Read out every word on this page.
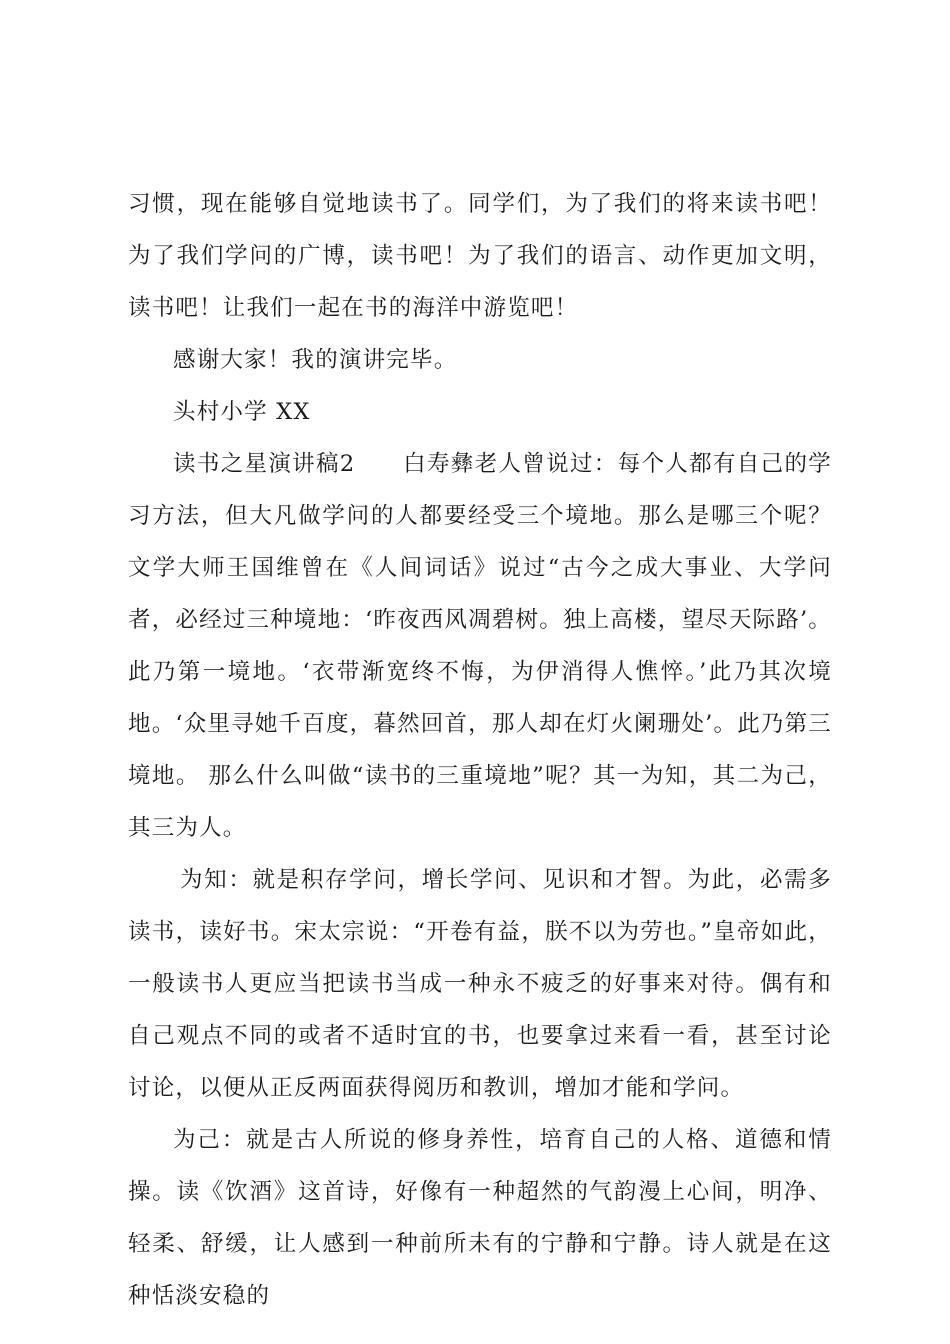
习惯，现在能够自觉地读书了。同学们，为了我们的将来读书吧！为了我们学问的广博，读书吧！为了我们的语言、动作更加文明，读书吧！让我们一起在书的海洋中游览吧！

感谢大家！我的演讲完毕。

头村小学 XX

读书之星演讲稿2　　白寿彝老人曾说过：每个人都有自己的学习方法，但大凡做学问的人都要经受三个境地。那么是哪三个呢？文学大师王国维曾在《人间词话》说过“古今之成大事业、大学问者，必经过三种境地：‘昨夜西风凋碧树。独上高楼，望尽天际路’。此乃第一境地。‘衣带渐宽终不悔，为伊消得人憔悴。’此乃其次境地。‘众里寻她千百度，暮然回首，那人却在灯火阑珊处’。此乃第三境地。 那么什么叫做“读书的三重境地”呢？其一为知，其二为己，其三为人。

为知：就是积存学问，增长学问、见识和才智。为此，必需多读书，读好书。宋太宗说：“开卷有益，朕不以为劳也。”皇帝如此，一般读书人更应当把读书当成一种永不疲乏的好事来对待。偶有和自己观点不同的或者不适时宜的书，也要拿过来看一看，甚至讨论讨论，以便从正反两面获得阅历和教训，增加才能和学问。

为己：就是古人所说的修身养性，培育自己的人格、道德和情操。读《饮酒》这首诗，好像有一种超然的气韵漫上心间，明净、轻柔、舒缓，让人感到一种前所未有的宁静和宁静。诗人就是在这种恬淡安稳的
